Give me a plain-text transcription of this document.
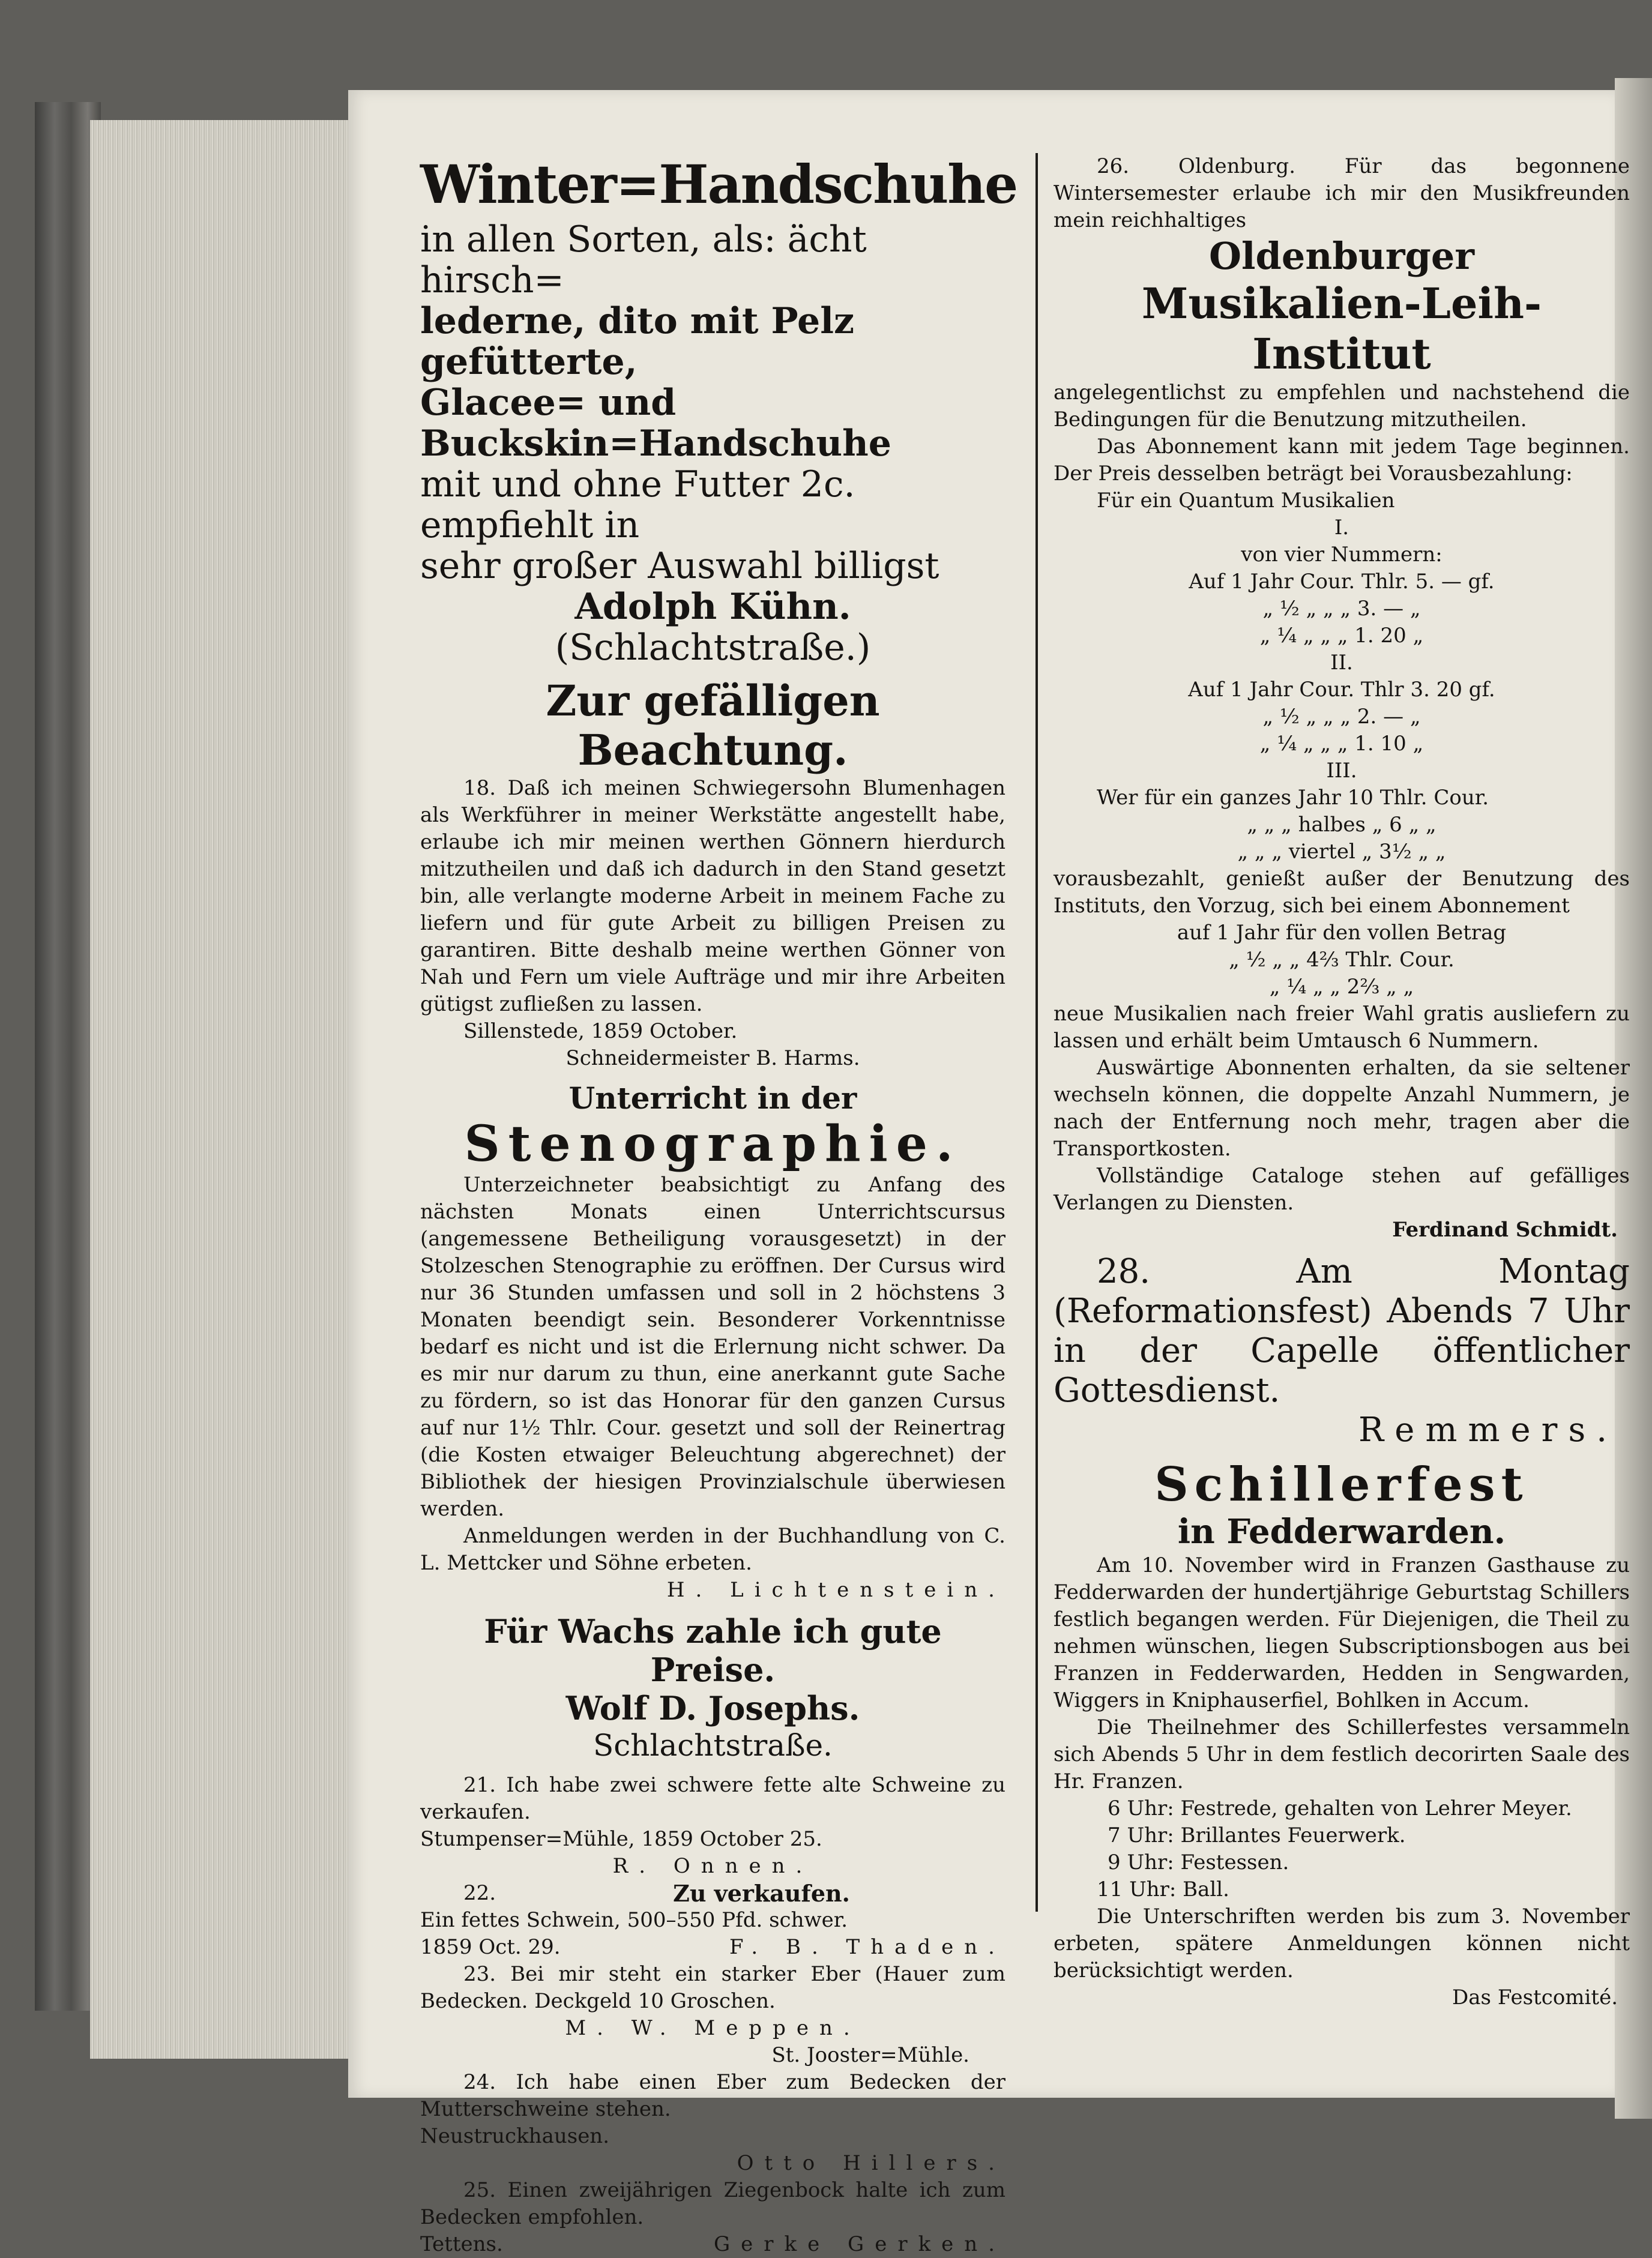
Winter=Handschuhe
in allen Sorten, als: ächt hirsch=
lederne, dito mit Pelz gefütterte,
Glacee= und Buckskin=Handschuhe
mit und ohne Futter 2c. empfiehlt in
sehr großer Auswahl billigst
Adolph Kühn.
(Schlachtstraße.)
Zur gefälligen Beachtung.
18. Daß ich meinen Schwiegersohn Blumenhagen als Werkführer in meiner Werkstätte angestellt habe, erlaube ich mir meinen werthen Gönnern hierdurch mitzutheilen und daß ich dadurch in den Stand gesetzt bin, alle verlangte moderne Arbeit in meinem Fache zu liefern und für gute Arbeit zu billigen Preisen zu garantiren. Bitte deshalb meine werthen Gönner von Nah und Fern um viele Aufträge und mir ihre Arbeiten gütigst zufließen zu lassen.
Sillenstede, 1859 October.
Schneidermeister B. Harms.
Unterricht in der
Stenographie.
Unterzeichneter beabsichtigt zu Anfang des nächsten Monats einen Unterrichtscursus (angemessene Betheiligung vorausgesetzt) in der Stolzeschen Stenographie zu eröffnen. Der Cursus wird nur 36 Stunden umfassen und soll in 2 höchstens 3 Monaten beendigt sein. Besonderer Vorkenntnisse bedarf es nicht und ist die Erlernung nicht schwer. Da es mir nur darum zu thun, eine anerkannt gute Sache zu fördern, so ist das Honorar für den ganzen Cursus auf nur 1½ Thlr. Cour. gesetzt und soll der Reinertrag (die Kosten etwaiger Beleuchtung abgerechnet) der Bibliothek der hiesigen Provinzialschule überwiesen werden.
Anmeldungen werden in der Buchhandlung von C. L. Mettcker und Söhne erbeten.
H. Lichtenstein.
Für Wachs zahle ich gute Preise.
Wolf D. Josephs.
Schlachtstraße.
21. Ich habe zwei schwere fette alte Schweine zu verkaufen.
Stumpenser=Mühle, 1859 October 25.
R. Onnen.
22.	Zu verkaufen.
Ein fettes Schwein, 500–550 Pfd. schwer.
1859 Oct. 29.	F. B. Thaden.
23. Bei mir steht ein starker Eber (Hauer zum Bedecken. Deckgeld 10 Groschen.
M. W. Meppen.
St. Jooster=Mühle.
24. Ich habe einen Eber zum Bedecken der Mutterschweine stehen.
Neustruckhausen.
Otto Hillers.
25. Einen zweijährigen Ziegenbock halte ich zum Bedecken empfohlen.
Tettens.	Gerke Gerken.
26. Oldenburg. Für das begonnene Wintersemester erlaube ich mir den Musikfreunden mein reichhaltiges
Oldenburger
Musikalien-Leih-Institut
angelegentlichst zu empfehlen und nachstehend die Bedingungen für die Benutzung mitzutheilen.
Das Abonnement kann mit jedem Tage beginnen. Der Preis desselben beträgt bei Vorausbezahlung:
Für ein Quantum Musikalien
I.
von vier Nummern:
Auf 1 Jahr Cour. Thlr. 5. — gf.
„ ½ „ „ „ 3. — „
„ ¼ „ „ „ 1. 20 „
II.
Auf 1 Jahr Cour. Thlr 3. 20 gf.
„ ½ „ „ „ 2. — „
„ ¼ „ „ „ 1. 10 „
III.
Wer für ein ganzes Jahr 10 Thlr. Cour.
„ „ „ halbes „ 6 „ „
„ „ „ viertel „ 3½ „ „
vorausbezahlt, genießt außer der Benutzung des Instituts, den Vorzug, sich bei einem Abonnement
auf 1 Jahr für den vollen Betrag
„ ½ „ „ 4⅔ Thlr. Cour.
„ ¼ „ „ 2⅔ „ „
neue Musikalien nach freier Wahl gratis ausliefern zu lassen und erhält beim Umtausch 6 Nummern.
Auswärtige Abonnenten erhalten, da sie seltener wechseln können, die doppelte Anzahl Nummern, je nach der Entfernung noch mehr, tragen aber die Transportkosten.
Vollständige Cataloge stehen auf gefälliges Verlangen zu Diensten.
Ferdinand Schmidt.
28. Am Montag (Reformationsfest) Abends 7 Uhr in der Capelle öffentlicher Gottesdienst.
Remmers.
Schillerfest
in Fedderwarden.
Am 10. November wird in Franzen Gasthause zu Fedderwarden der hundertjährige Geburtstag Schillers festlich begangen werden. Für Diejenigen, die Theil zu nehmen wünschen, liegen Subscriptionsbogen aus bei Franzen in Fedderwarden, Hedden in Sengwarden, Wiggers in Kniphauserfiel, Bohlken in Accum.
Die Theilnehmer des Schillerfestes versammeln sich Abends 5 Uhr in dem festlich decorirten Saale des Hr. Franzen.
6 Uhr: Festrede, gehalten von Lehrer Meyer.
7 Uhr: Brillantes Feuerwerk.
9 Uhr: Festessen.
11 Uhr: Ball.
Die Unterschriften werden bis zum 3. November erbeten, spätere Anmeldungen können nicht berücksichtigt werden.
Das Festcomité.
